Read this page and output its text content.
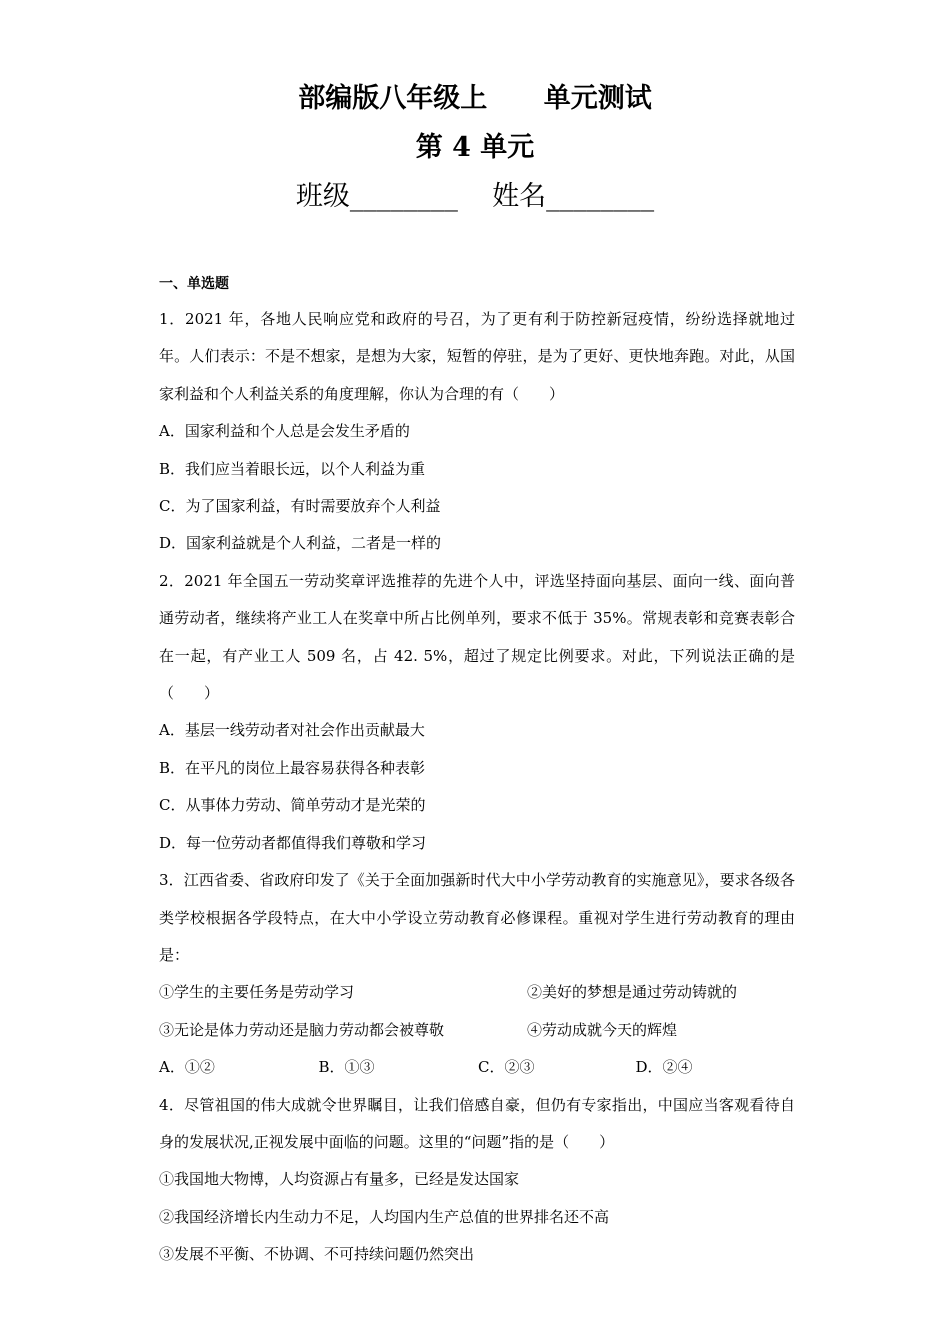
部编版八年级上      单元测试
第 4 单元
班级________    姓名________
一、单选题

1．2021 年，各地人民响应党和政府的号召，为了更有利于防控新冠疫情，纷纷选择就地过年。人们表示：不是不想家，是想为大家，短暂的停驻，是为了更好、更快地奔跑。对此，从国家利益和个人利益关系的角度理解，你认为合理的有（　　）

A．国家利益和个人总是会发生矛盾的

B．我们应当着眼长远，以个人利益为重

C．为了国家利益，有时需要放弃个人利益

D．国家利益就是个人利益，二者是一样的

2．2021 年全国五一劳动奖章评选推荐的先进个人中，评选坚持面向基层、面向一线、面向普通劳动者，继续将产业工人在奖章中所占比例单列，要求不低于 35%。常规表彰和竞赛表彰合在一起，有产业工人 509 名，占 42. 5%，超过了规定比例要求。对此，下列说法正确的是（　　）

A．基层一线劳动者对社会作出贡献最大

B．在平凡的岗位上最容易获得各种表彰

C．从事体力劳动、简单劳动才是光荣的

D．每一位劳动者都值得我们尊敬和学习

3．江西省委、省政府印发了《关于全面加强新时代大中小学劳动教育的实施意见》，要求各级各类学校根据各学段特点，在大中小学设立劳动教育必修课程。重视对学生进行劳动教育的理由是：

①学生的主要任务是劳动学习	②美好的梦想是通过劳动铸就的
③无论是体力劳动还是脑力劳动都会被尊敬	④劳动成就今天的辉煌
A．①②	B．①③	C．②③	D．②④

4．尽管祖国的伟大成就令世界瞩目，让我们倍感自豪，但仍有专家指出，中国应当客观看待自身的发展状况,正视发展中面临的问题。这里的“问题”指的是（　　）

①我国地大物博，人均资源占有量多，已经是发达国家

②我国经济增长内生动力不足，人均国内生产总值的世界排名还不高

③发展不平衡、不协调、不可持续问题仍然突出
